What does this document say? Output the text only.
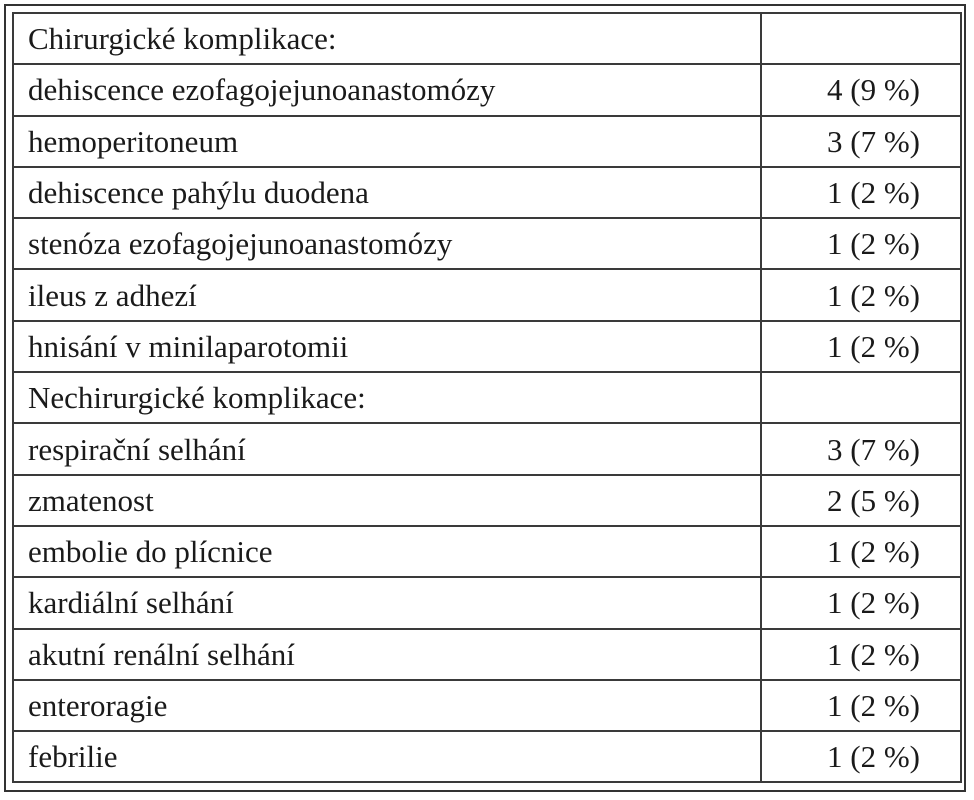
Chirurgické komplikace:	
dehiscence ezofagojejunoanastomózy	4 (9 %)
hemoperitoneum	3 (7 %)
dehiscence pahýlu duodena	1 (2 %)
stenóza ezofagojejunoanastomózy	1 (2 %)
ileus z adhezí	1 (2 %)
hnisání v minilaparotomii	1 (2 %)
Nechirurgické komplikace:	
respirační selhání	3 (7 %)
zmatenost	2 (5 %)
embolie do plícnice	1 (2 %)
kardiální selhání	1 (2 %)
akutní renální selhání	1 (2 %)
enteroragie	1 (2 %)
febrilie	1 (2 %)
